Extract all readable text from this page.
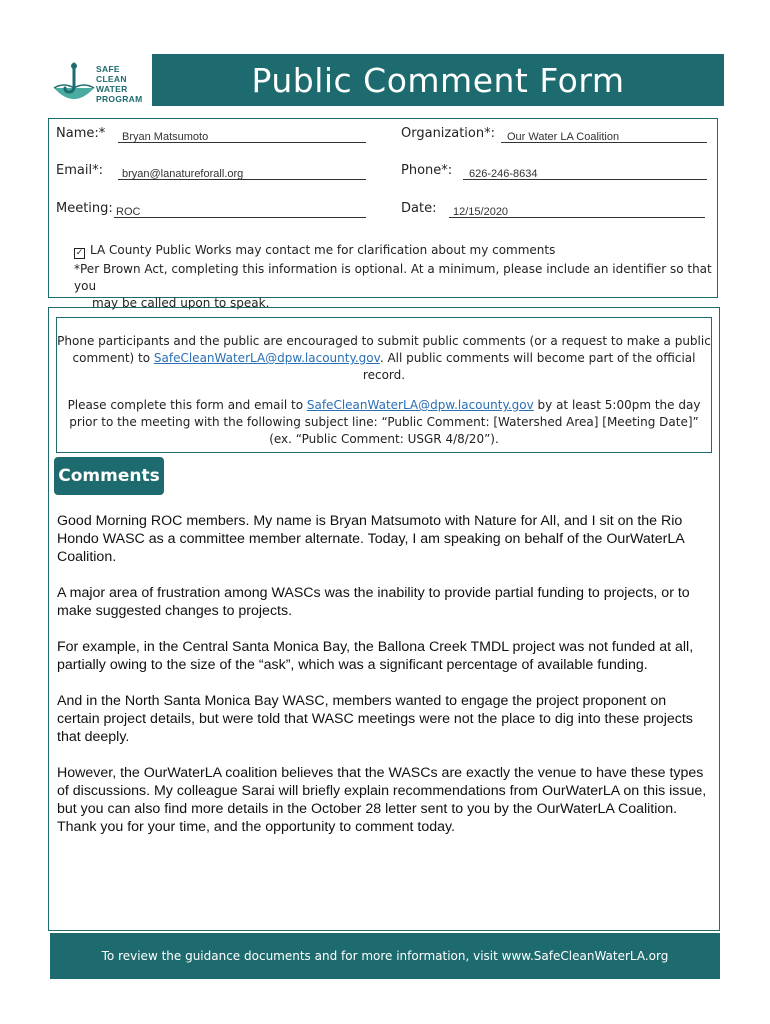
SAFE
CLEAN
WATER
PROGRAM	Public Comment Form
Name:* Bryan Matsumoto	Organization*: Our Water LA Coalition
Email*: bryan@lanatureforall.org	Phone*: 626-246-8634
Meeting: ROC	Date: 12/15/2020
✓ LA County Public Works may contact me for clarification about my comments
*Per Brown Act, completing this information is optional. At a minimum, please include an identifier so that you
may be called upon to speak.

Phone participants and the public are encouraged to submit public comments (or a request to make a public comment) to SafeCleanWaterLA@dpw.lacounty.gov. All public comments will become part of the official record.

Please complete this form and email to SafeCleanWaterLA@dpw.lacounty.gov by at least 5:00pm the day prior to the meeting with the following subject line: “Public Comment: [Watershed Area] [Meeting Date]”
(ex. “Public Comment: USGR 4/8/20”).

Comments

Good Morning ROC members. My name is Bryan Matsumoto with Nature for All, and I sit on the Rio Hondo WASC as a committee member alternate. Today, I am speaking on behalf of the OurWaterLA Coalition.

A major area of frustration among WASCs was the inability to provide partial funding to projects, or to make suggested changes to projects.

For example, in the Central Santa Monica Bay, the Ballona Creek TMDL project was not funded at all, partially owing to the size of the “ask”, which was a significant percentage of available funding.

And in the North Santa Monica Bay WASC, members wanted to engage the project proponent on certain project details, but were told that WASC meetings were not the place to dig into these projects that deeply.

However, the OurWaterLA coalition believes that the WASCs are exactly the venue to have these types of discussions. My colleague Sarai will briefly explain recommendations from OurWaterLA on this issue, but you can also find more details in the October 28 letter sent to you by the OurWaterLA Coalition. Thank you for your time, and the opportunity to comment today.

To review the guidance documents and for more information, visit www.SafeCleanWaterLA.org
